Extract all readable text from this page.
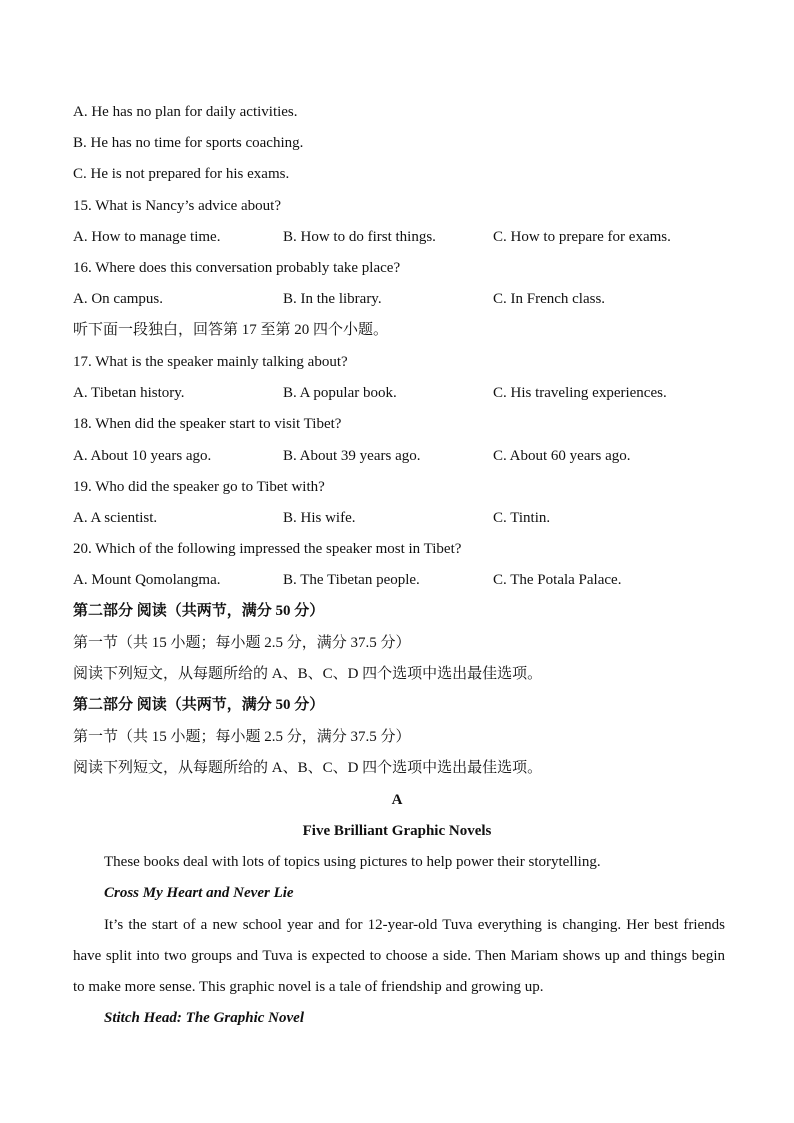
A. He has no plan for daily activities.
B. He has no time for sports coaching.
C. He is not prepared for his exams.
15. What is Nancy’s advice about?
A. How to manage time.	B. How to do first things.	C. How to prepare for exams.
16. Where does this conversation probably take place?
A. On campus.	B. In the library.	C. In French class.
听下面一段独白，回答第 17 至第 20 四个小题。
17. What is the speaker mainly talking about?
A. Tibetan history.	B. A popular book.	C. His traveling experiences.
18. When did the speaker start to visit Tibet?
A. About 10 years ago.	B. About 39 years ago.	C. About 60 years ago.
19. Who did the speaker go to Tibet with?
A. A scientist.	B. His wife.	C. Tintin.
20. Which of the following impressed the speaker most in Tibet?
A. Mount Qomolangma.	B. The Tibetan people.	C. The Potala Palace.
第二部分 阅读（共两节，满分 50 分）
第一节（共 15 小题；每小题 2.5 分，满分 37.5 分）
阅读下列短文，从每题所给的 A、B、C、D 四个选项中选出最佳选项。
第二部分 阅读（共两节，满分 50 分）
第一节（共 15 小题；每小题 2.5 分，满分 37.5 分）
阅读下列短文，从每题所给的 A、B、C、D 四个选项中选出最佳选项。
A
Five Brilliant Graphic Novels
These books deal with lots of topics using pictures to help power their storytelling.
Cross My Heart and Never Lie
It’s the start of a new school year and for 12-year-old Tuva everything is changing. Her best friends have split into two groups and Tuva is expected to choose a side. Then Mariam shows up and things begin to make more sense. This graphic novel is a tale of friendship and growing up.
Stitch Head: The Graphic Novel
